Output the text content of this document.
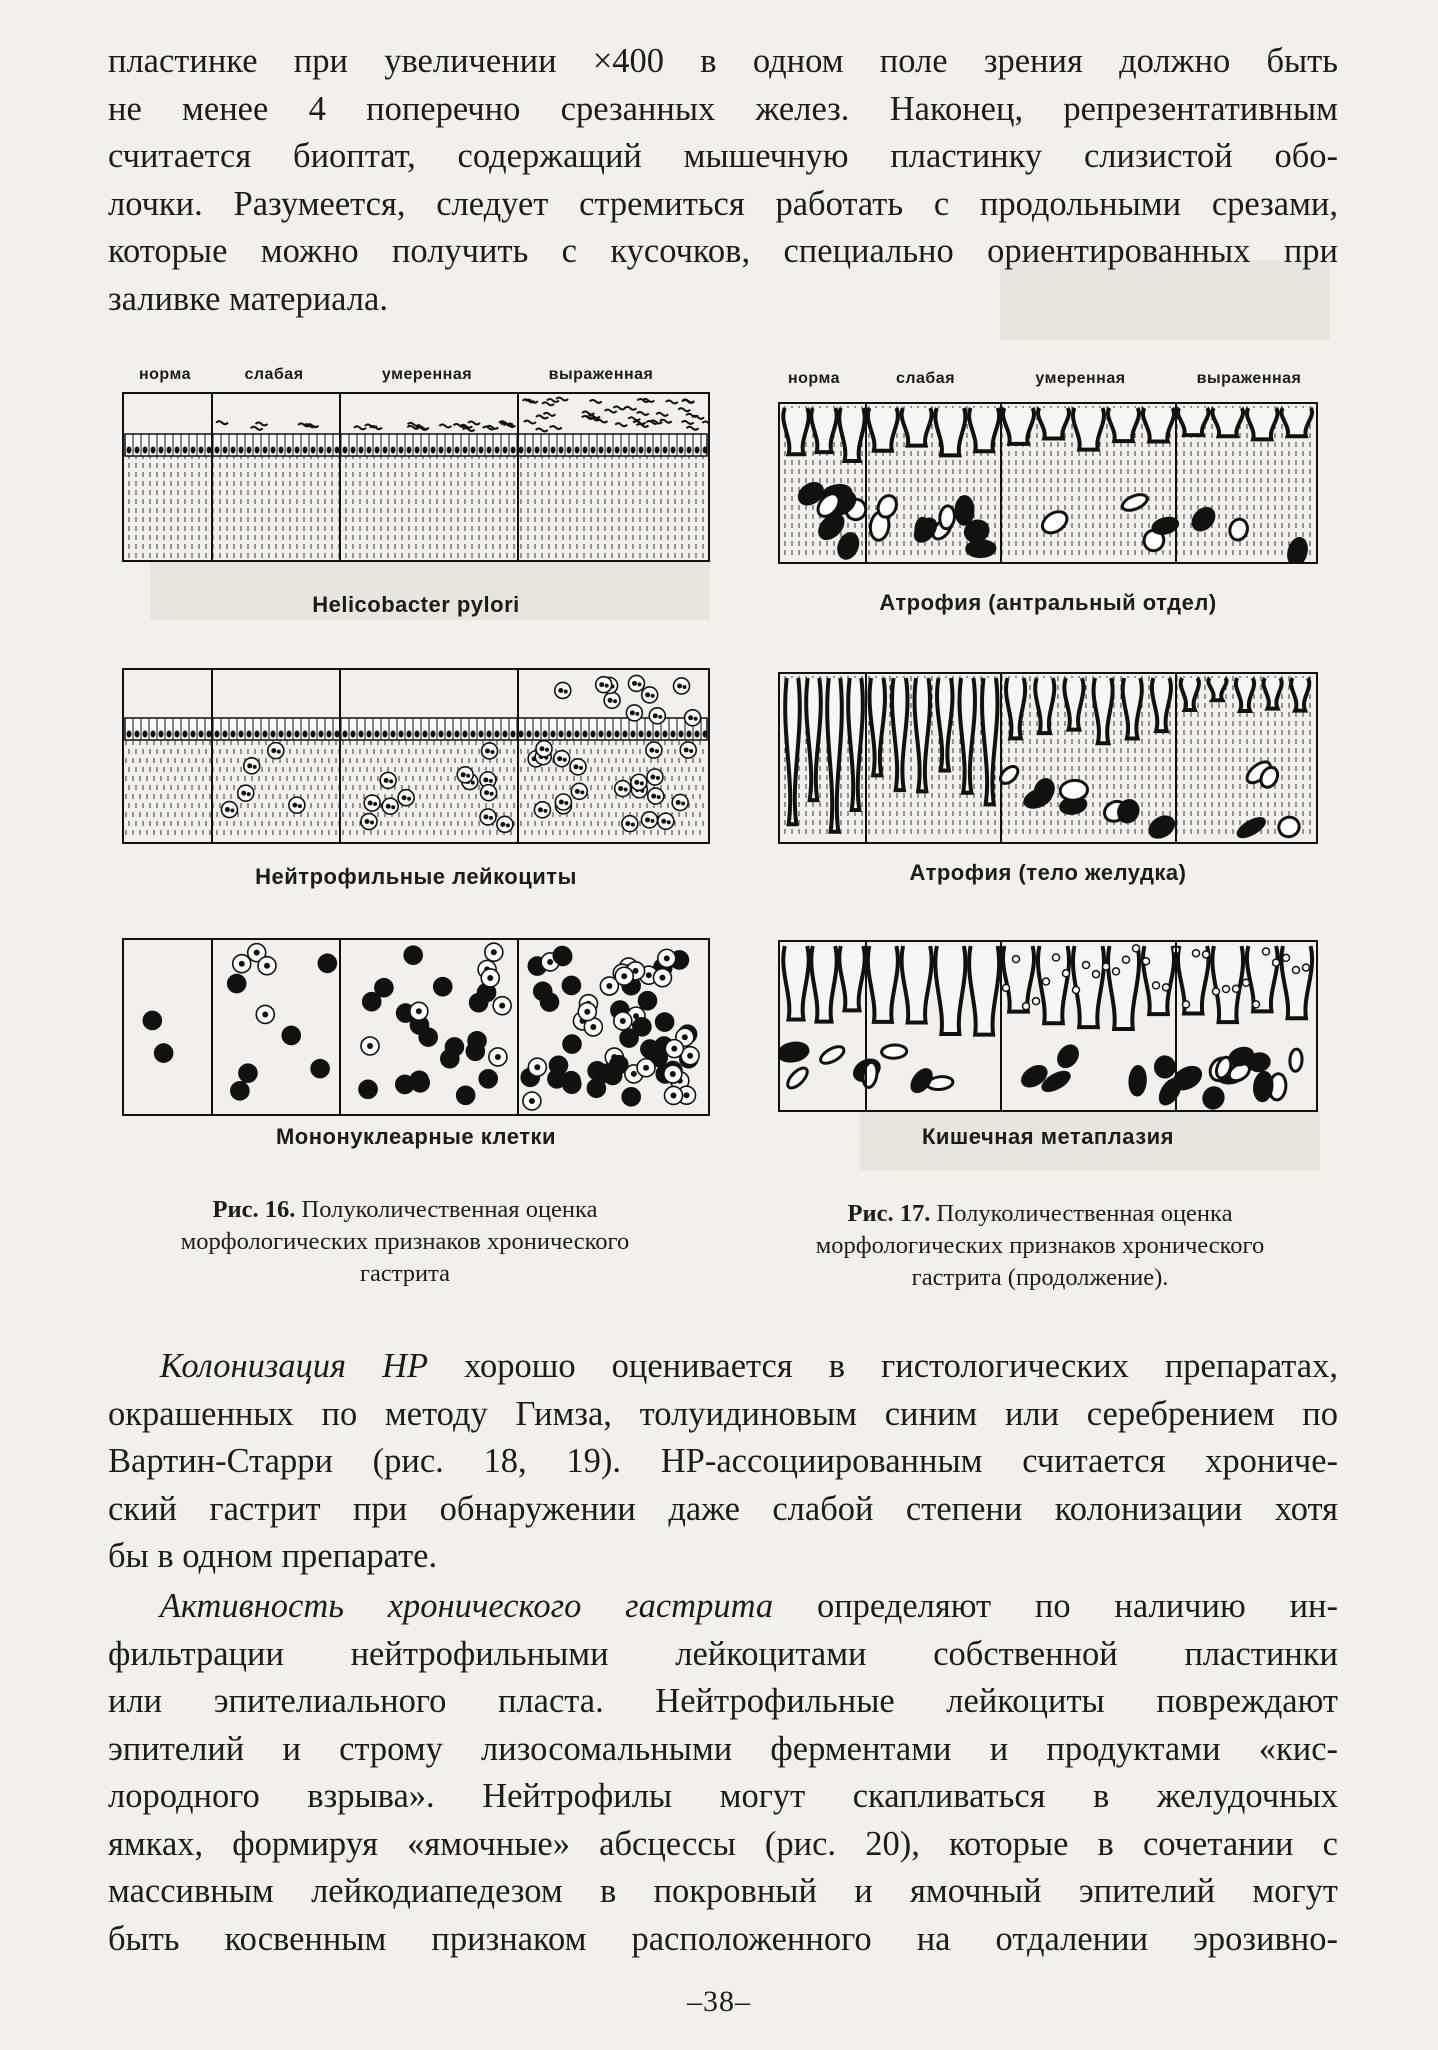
пластинке при увеличении ×400 в одном поле зрения должно быть
не менее 4 поперечно срезанных желез. Наконец, репрезентативным
считается биоптат, содержащий мышечную пластинку слизистой обо-
лочки. Разумеется, следует стремиться работать с продольными срезами,
которые можно получить с кусочков, специально ориентированных при
заливке материала.

норма	слабая	умеренная	выраженная	норма	слабая	умеренная	выраженная
Helicobacter pylori
Нейтрофильные лейкоциты
Мононуклеарные клетки
Атрофия (антральный отдел)
Атрофия (тело желудка)
Кишечная метаплазия
Рис. 16. Полуколичественная оценка
морфологических признаков хронического
гастрита
Рис. 17. Полуколичественная оценка
морфологических признаков хронического
гастрита (продолжение).

  Колонизация HP хорошо оценивается в гистологических препаратах,
окрашенных по методу Гимза, толуидиновым синим или серебрением по
Вартин-Старри (рис. 18, 19). HP-ассоциированным считается хрониче-
ский гастрит при обнаружении даже слабой степени колонизации хотя
бы в одном препарате.

  Активность хронического гастрита определяют по наличию ин-
фильтрации нейтрофильными лейкоцитами собственной пластинки
или эпителиального пласта. Нейтрофильные лейкоциты повреждают
эпителий и строму лизосомальными ферментами и продуктами «кис-
лородного взрыва». Нейтрофилы могут скапливаться в желудочных
ямках, формируя «ямочные» абсцессы (рис. 20), которые в сочетании с
массивным лейкодиапедезом в покровный и ямочный эпителий могут
быть косвенным признаком расположенного на отдалении эрозивно-

–38–
